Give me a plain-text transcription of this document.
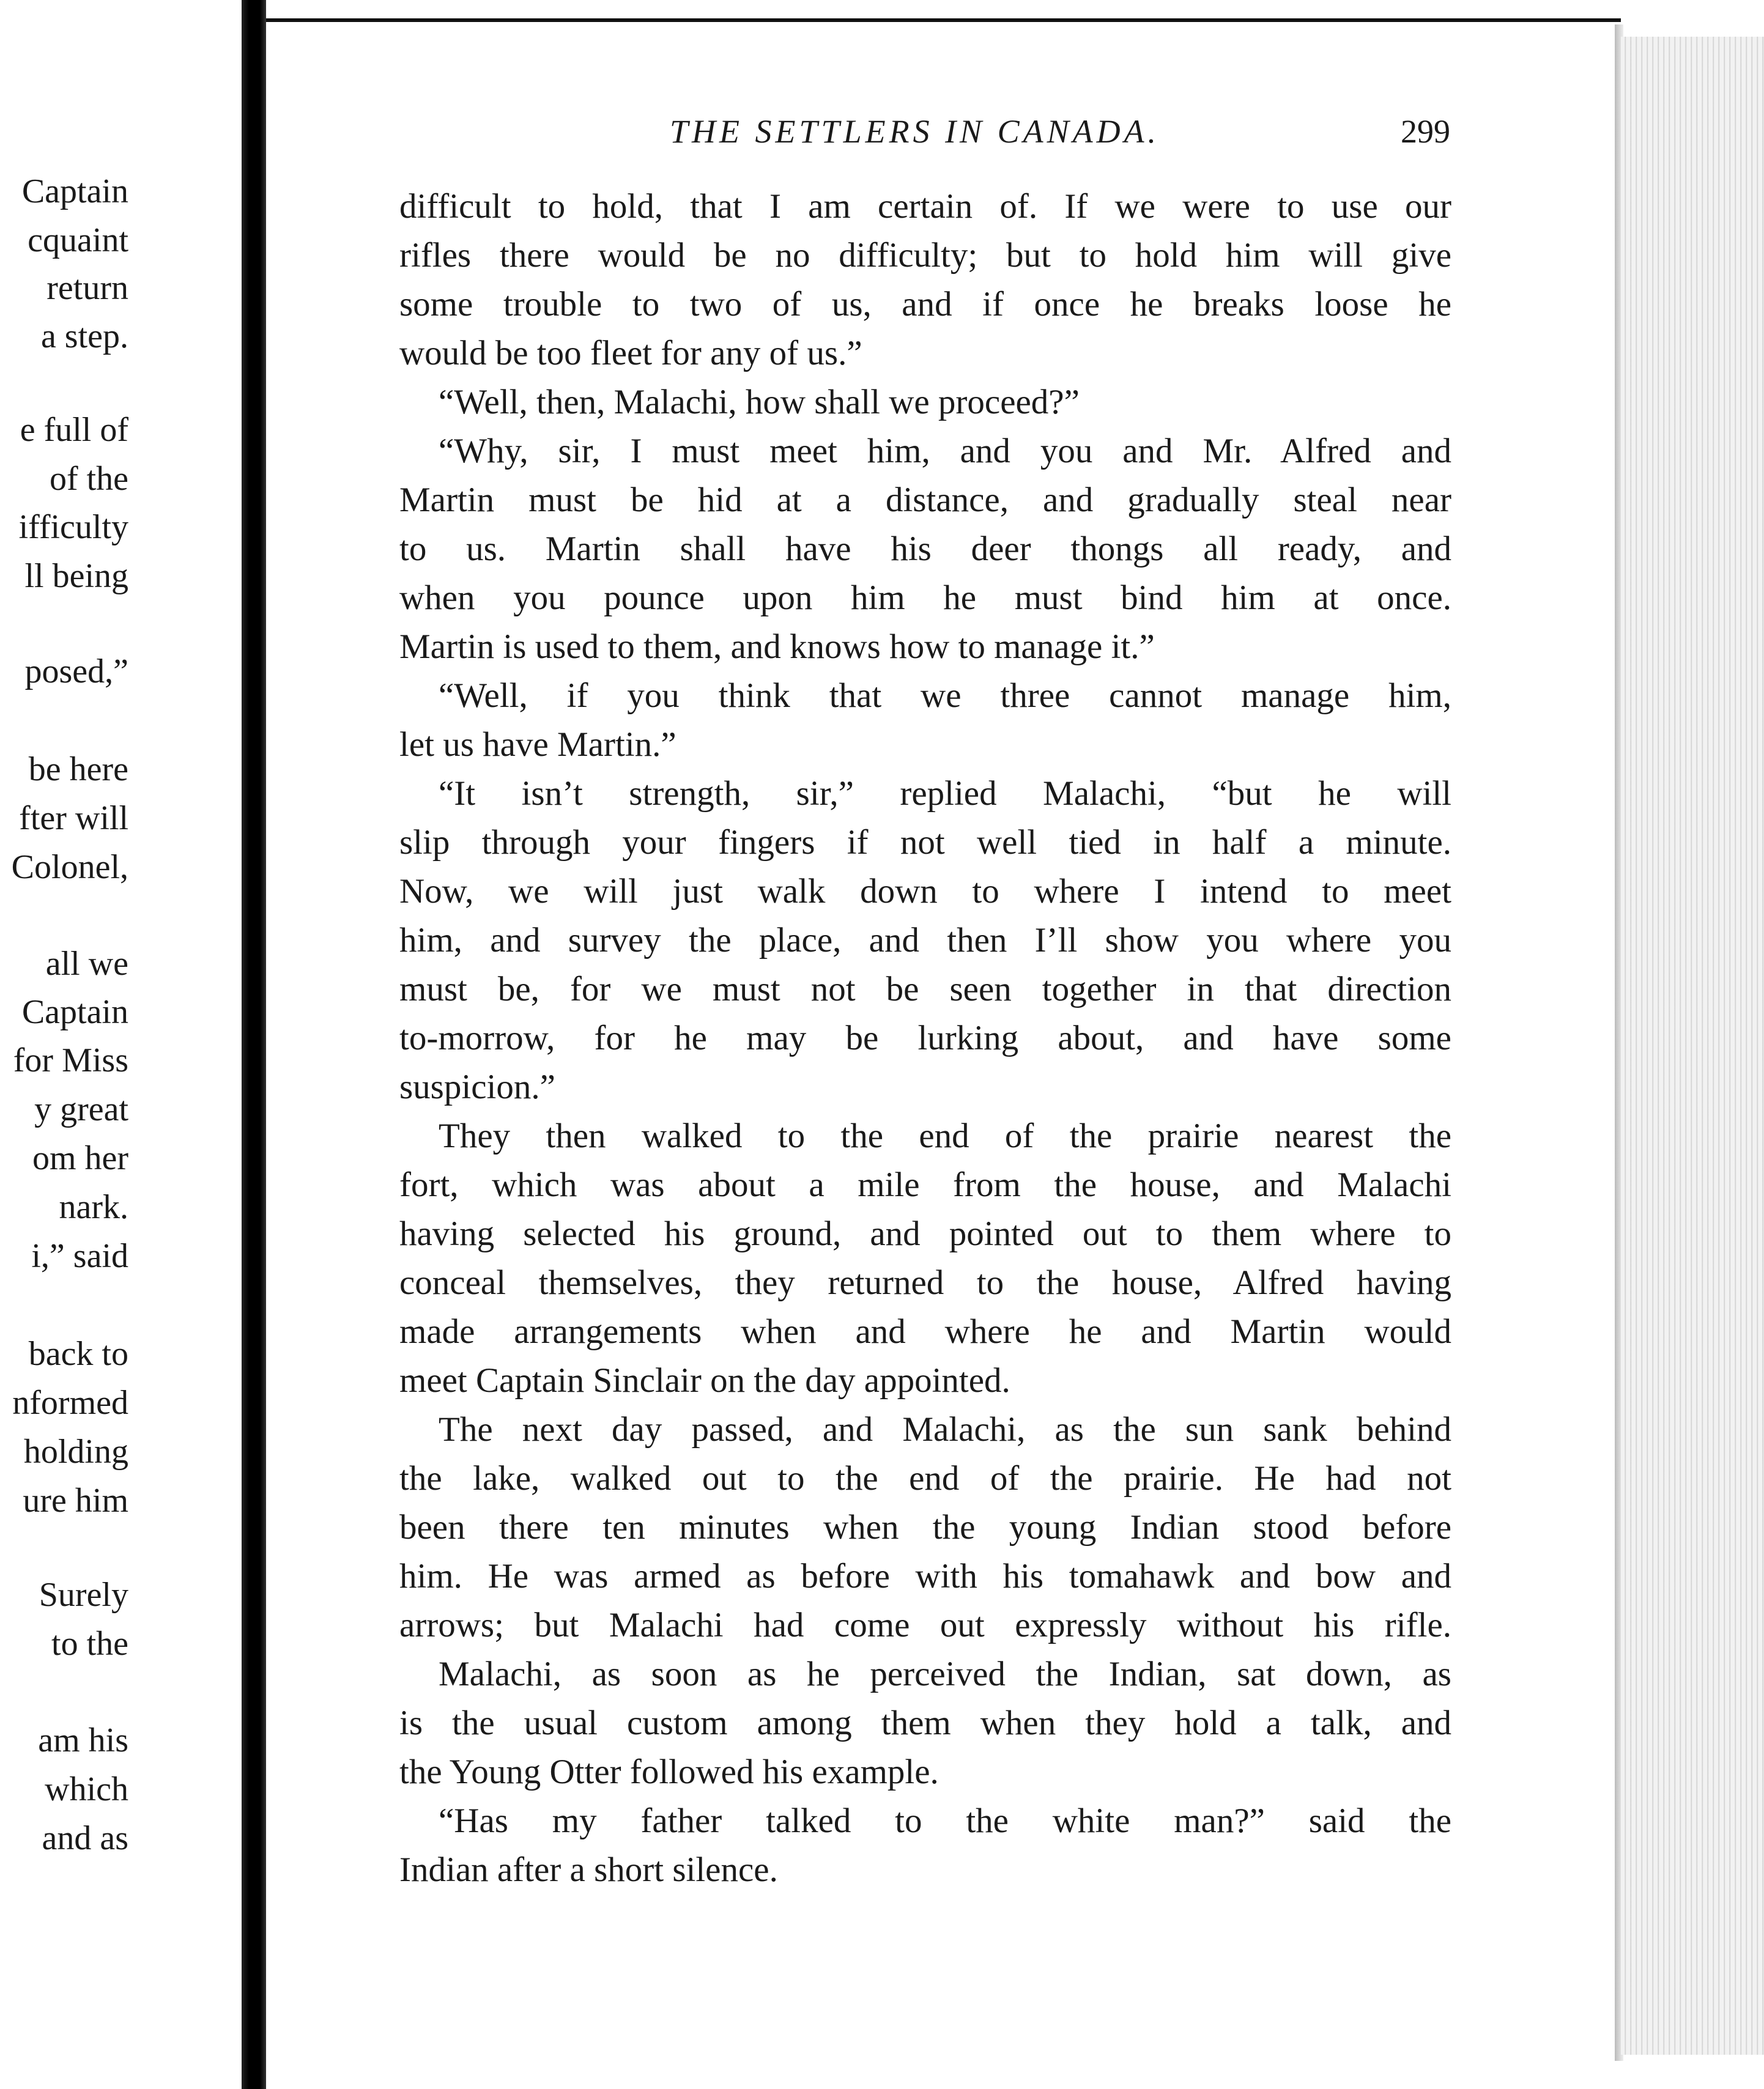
Captain
cquaint
return
a step.
e full of
of the
ifficulty
ll being
posed,”
be here
fter will
Colonel,
all we
Captain
for Miss
y great
om her
nark.
i,” said
back to
nformed
holding
ure him
Surely
to the
am his
which
and as
THE SETTLERS IN CANADA.	299
difficult to hold, that I am certain of. If we were to use our
rifles there would be no difficulty; but to hold him will give
some trouble to two of us, and if once he breaks loose he
would be too fleet for any of us.”
“Well, then, Malachi, how shall we proceed?”
“Why, sir, I must meet him, and you and Mr. Alfred and
Martin must be hid at a distance, and gradually steal near
to us. Martin shall have his deer thongs all ready, and
when you pounce upon him he must bind him at once.
Martin is used to them, and knows how to manage it.”
“Well, if you think that we three cannot manage him,
let us have Martin.”
“It isn’t strength, sir,” replied Malachi, “but he will
slip through your fingers if not well tied in half a minute.
Now, we will just walk down to where I intend to meet
him, and survey the place, and then I’ll show you where you
must be, for we must not be seen together in that direction
to-morrow, for he may be lurking about, and have some
suspicion.”
They then walked to the end of the prairie nearest the
fort, which was about a mile from the house, and Malachi
having selected his ground, and pointed out to them where to
conceal themselves, they returned to the house, Alfred having
made arrangements when and where he and Martin would
meet Captain Sinclair on the day appointed.
The next day passed, and Malachi, as the sun sank behind
the lake, walked out to the end of the prairie. He had not
been there ten minutes when the young Indian stood before
him. He was armed as before with his tomahawk and bow and
arrows; but Malachi had come out expressly without his rifle.
Malachi, as soon as he perceived the Indian, sat down, as
is the usual custom among them when they hold a talk, and
the Young Otter followed his example.
“Has my father talked to the white man?” said the
Indian after a short silence.
